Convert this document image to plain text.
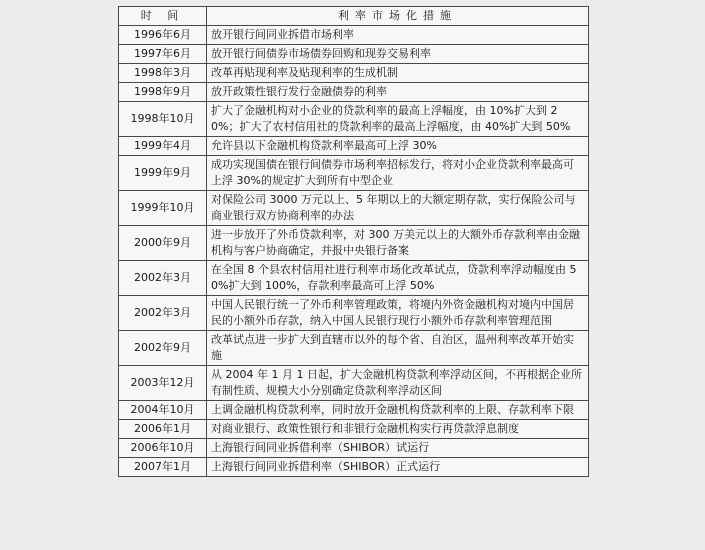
时 间	利率市场化措施
1996年6月	放开银行间同业拆借市场利率
1997年6月	放开银行间债券市场债券回购和现券交易利率
1998年3月	改革再贴现利率及贴现利率的生成机制
1998年9月	放开政策性银行发行金融债券的利率
1998年10月	扩大了金融机构对小企业的贷款利率的最高上浮幅度，由 10%扩大到 20%；扩大了农村信用社的贷款利率的最高上浮幅度，由 40%扩大到 50%
1999年4月	允许县以下金融机构贷款利率最高可上浮 30%
1999年9月	成功实现国债在银行间债券市场利率招标发行，将对小企业贷款利率最高可上浮 30%的规定扩大到所有中型企业
1999年10月	对保险公司 3000 万元以上、5 年期以上的大额定期存款，实行保险公司与商业银行双方协商利率的办法
2000年9月	进一步放开了外币贷款利率，对 300 万美元以上的大额外币存款利率由金融机构与客户协商确定，并报中央银行备案
2002年3月	在全国 8 个县农村信用社进行利率市场化改革试点，贷款利率浮动幅度由 50%扩大到 100%，存款利率最高可上浮 50%
2002年3月	中国人民银行统一了外币利率管理政策，将境内外资金融机构对境内中国居民的小额外币存款，纳入中国人民银行现行小额外币存款利率管理范围
2002年9月	改革试点进一步扩大到直辖市以外的每个省、自治区，温州利率改革开始实施
2003年12月	从 2004 年 1 月 1 日起，扩大金融机构贷款利率浮动区间，不再根据企业所有制性质、规模大小分别确定贷款利率浮动区间
2004年10月	上调金融机构贷款利率，同时放开金融机构贷款利率的上限、存款利率下限
2006年1月	对商业银行、政策性银行和非银行金融机构实行再贷款浮息制度
2006年10月	上海银行间同业拆借利率（SHIBOR）试运行
2007年1月	上海银行间同业拆借利率（SHIBOR）正式运行
